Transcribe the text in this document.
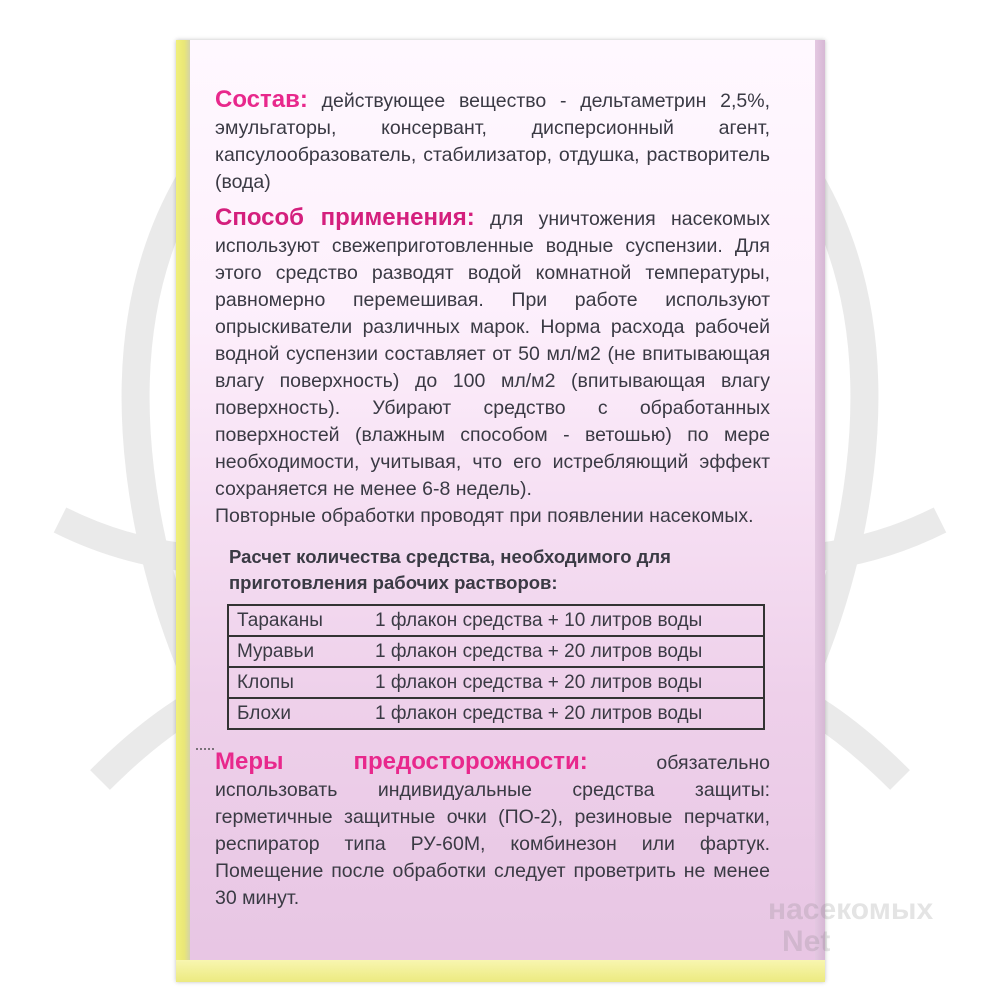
Состав: действующее вещество - дельтаметрин 2,5%, эмульгаторы, консервант, дисперсионный агент, капсулообразователь, стабилизатор, отдушка, растворитель (вода)

Способ применения: для уничтожения насекомых используют свежеприготовленные водные суспензии. Для этого средство разводят водой комнатной температуры, равномерно перемешивая. При работе используют опрыскиватели различных марок. Норма расхода рабочей водной суспензии составляет от 50 мл/м2 (не впитывающая влагу поверхность) до 100 мл/м2 (впитывающая влагу поверхность). Убирают средство с обработанных поверхностей (влажным способом - ветошью) по мере необходимости, учитывая, что его истребляющий эффект сохраняется не менее 6-8 недель).

Повторные обработки проводят при появлении насекомых.

Расчет количества средства, необходимого для приготовления рабочих растворов:
Тараканы	1 флакон средства + 10 литров воды
Муравьи	1 флакон средства + 20 литров воды
Клопы	1 флакон средства + 20 литров воды
Блохи	1 флакон средства + 20 литров воды

Меры предосторожности: обязательно использовать индивидуальные средства защиты: герметичные защитные очки (ПО-2), резиновые перчатки, респиратор типа РУ-60М, комбинезон или фартук. Помещение после обработки следует проветрить не менее 30 минут.	насекомых
Net
